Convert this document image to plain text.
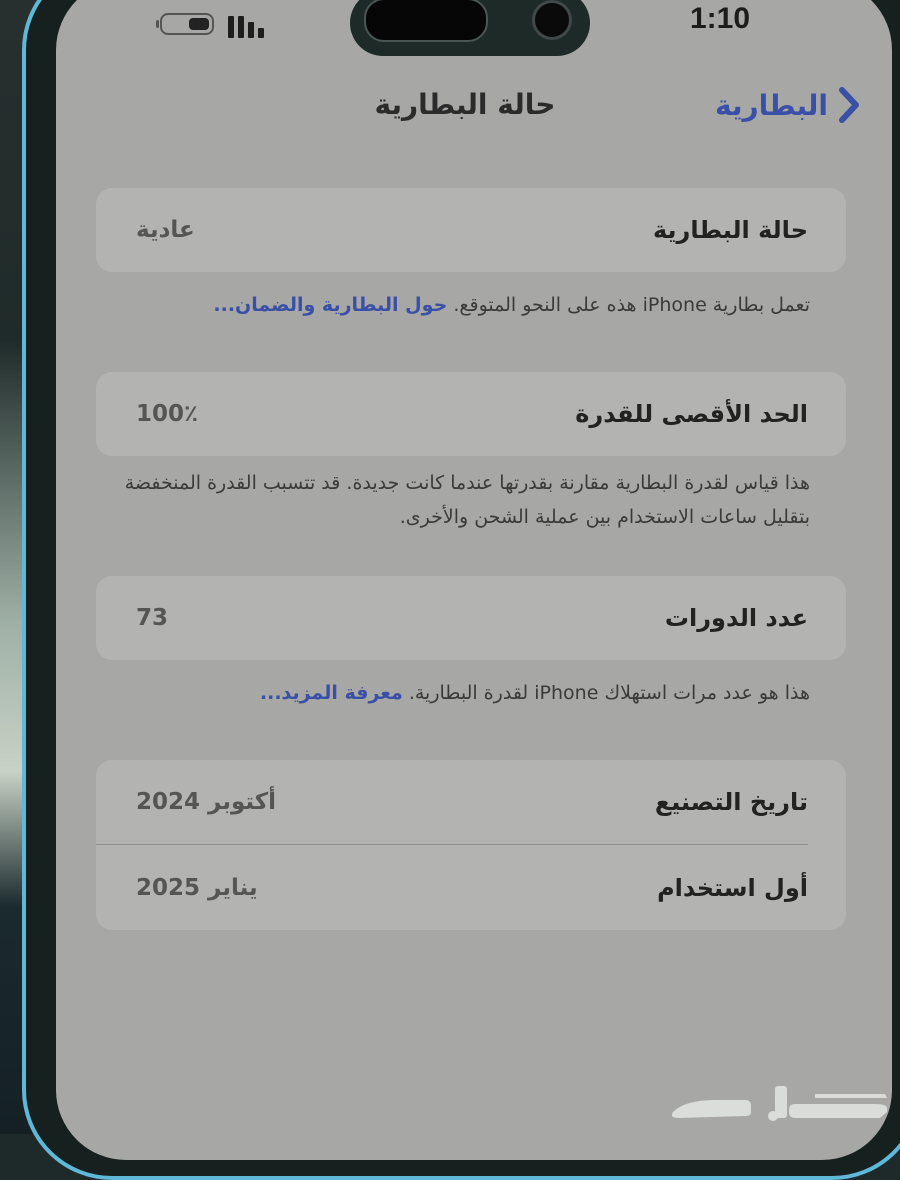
1:10
البطارية
حالة البطارية
حالة البطارية
عادية
تعمل بطارية iPhone هذه على النحو المتوقع. حول البطارية والضمان...
الحد الأقصى للقدرة
100٪
هذا قياس لقدرة البطارية مقارنة بقدرتها عندما كانت جديدة. قد تتسبب القدرة المنخفضة بتقليل ساعات الاستخدام بين عملية الشحن والأخرى.
عدد الدورات
73
هذا هو عدد مرات استهلاك iPhone لقدرة البطارية. معرفة المزيد...
تاريخ التصنيع
أكتوبر 2024
أول استخدام
يناير 2025
